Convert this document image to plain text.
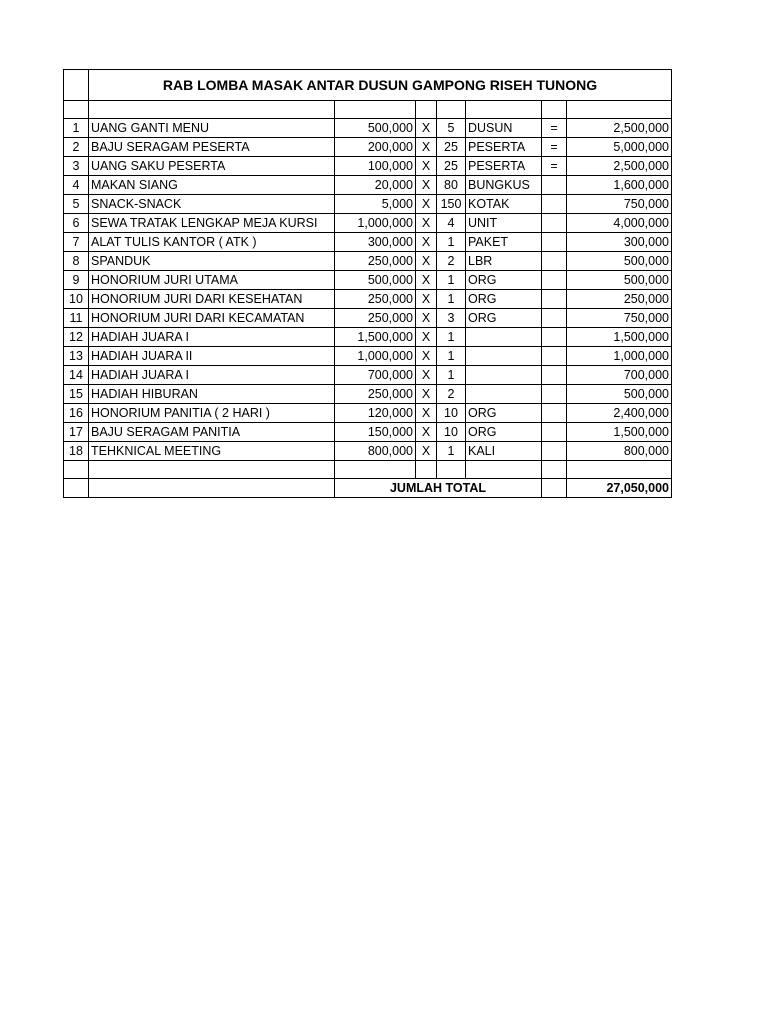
	RAB LOMBA MASAK ANTAR DUSUN GAMPONG RISEH TUNONG						

1	UANG GANTI MENU	500,000	X	5	DUSUN	=	2,500,000
2	BAJU SERAGAM PESERTA	200,000	X	25	PESERTA	=	5,000,000
3	UANG SAKU PESERTA	100,000	X	25	PESERTA	=	2,500,000
4	MAKAN SIANG	20,000	X	80	BUNGKUS		1,600,000
5	SNACK-SNACK	5,000	X	150	KOTAK		750,000
6	SEWA TRATAK LENGKAP MEJA KURSI	1,000,000	X	4	UNIT		4,000,000
7	ALAT TULIS KANTOR ( ATK )	300,000	X	1	PAKET		300,000
8	SPANDUK	250,000	X	2	LBR		500,000
9	HONORIUM JURI UTAMA	500,000	X	1	ORG		500,000
10	HONORIUM JURI DARI KESEHATAN	250,000	X	1	ORG		250,000
11	HONORIUM JURI DARI KECAMATAN	250,000	X	3	ORG		750,000
12	HADIAH JUARA I	1,500,000	X	1			1,500,000
13	HADIAH JUARA II	1,000,000	X	1			1,000,000
14	HADIAH JUARA I	700,000	X	1			700,000
15	HADIAH HIBURAN	250,000	X	2			500,000
16	HONORIUM PANITIA ( 2 HARI )	120,000	X	10	ORG		2,400,000
17	BAJU SERAGAM PANITIA	150,000	X	10	ORG		1,500,000
18	TEHKNICAL MEETING	800,000	X	1	KALI		800,000

		JUMLAH TOTAL					27,050,000
